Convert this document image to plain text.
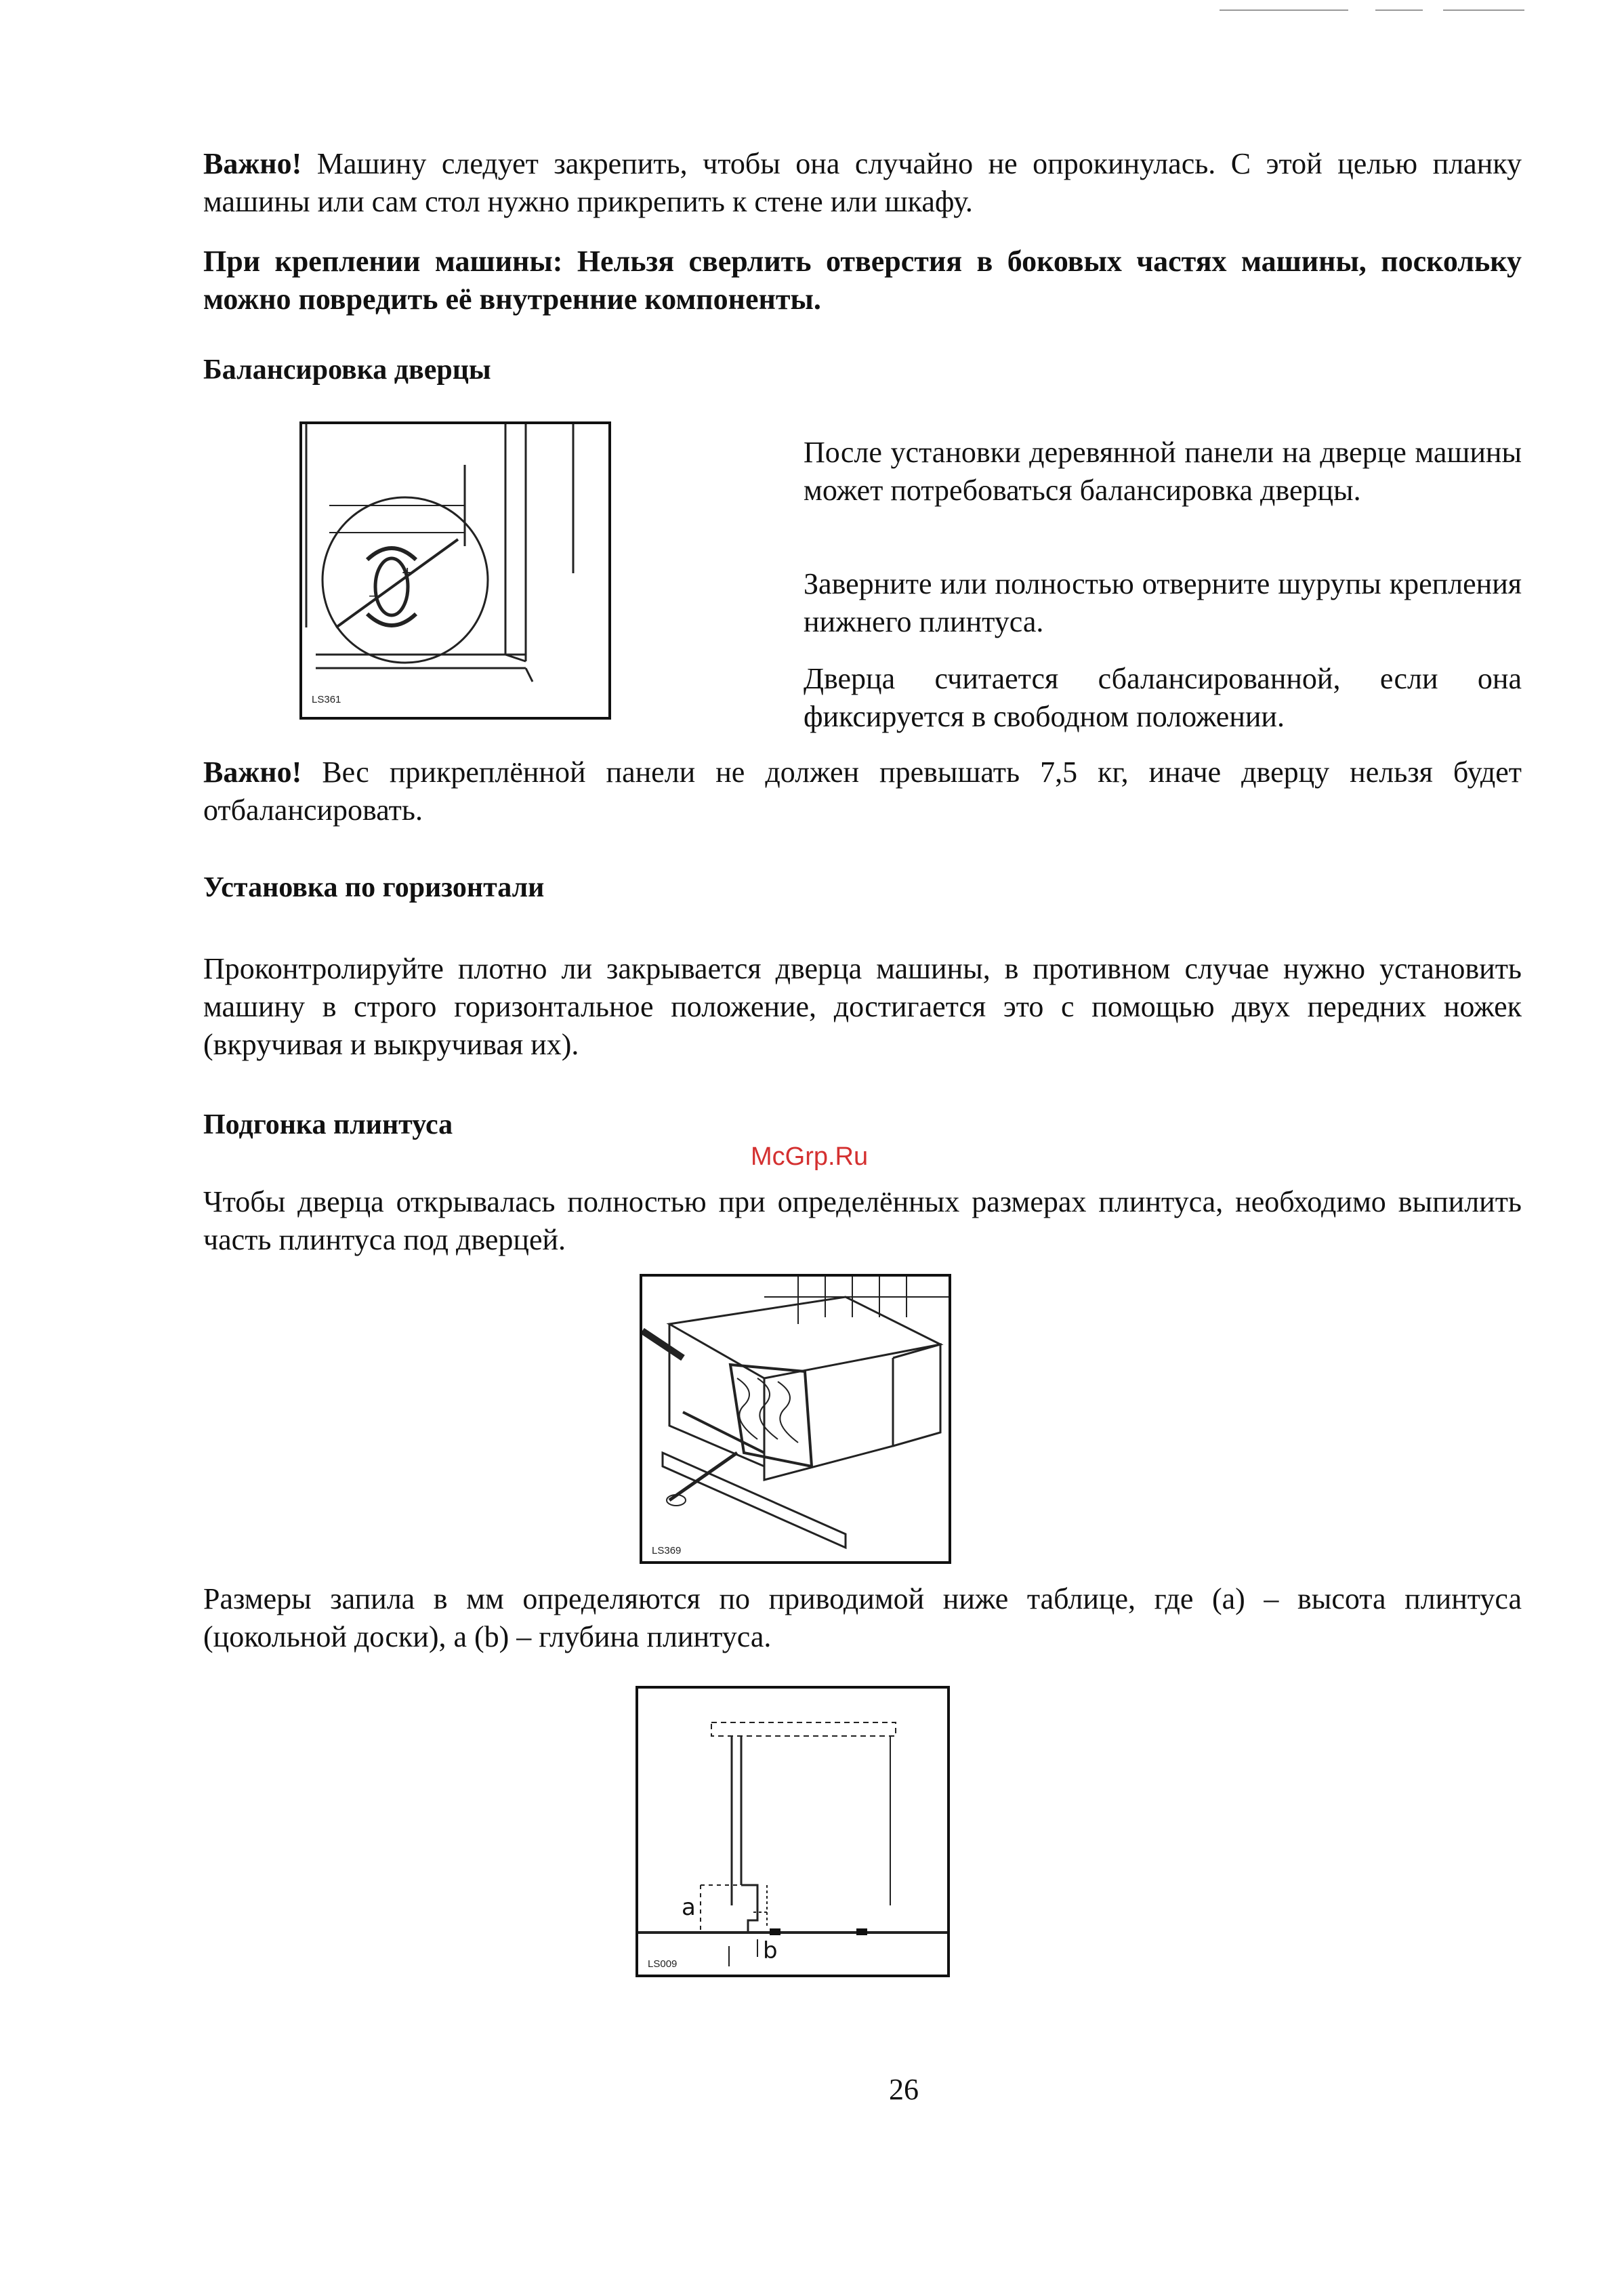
Важно! Машину следует закрепить, чтобы она случайно не опрокинулась. С этой целью планку машины или сам стол нужно прикрепить к стене или шкафу.
При креплении машины: Нельзя сверлить отверстия в боковых частях машины, поскольку можно повредить её внутренние компоненты.
Балансировка дверцы
+
–
LS361
После установки деревянной панели на дверце машины может потребоваться балансировка дверцы.
Заверните или полностью отверните шурупы крепления нижнего плинтуса.
Дверца считается сбалансированной, если она фиксируется в свободном положении.
Важно! Вес прикреплённой панели не должен превышать 7,5 кг, иначе дверцу нельзя будет отбалансировать.
Установка по горизонтали
Проконтролируйте плотно ли закрывается дверца машины, в противном случае нужно установить машину в строго горизонтальное положение, достигается это с помощью двух передних ножек (вкручивая и выкручивая их).
Подгонка плинтуса
McGrp.Ru
Чтобы дверца открывалась полностью при определённых размерах плинтуса, необходимо выпилить часть плинтуса под дверцей.
LS369
Размеры запила в мм определяются по приводимой ниже таблице, где (а) – высота плинтуса (цокольной доски), а (b) – глубина плинтуса.
a
b
LS009
26
